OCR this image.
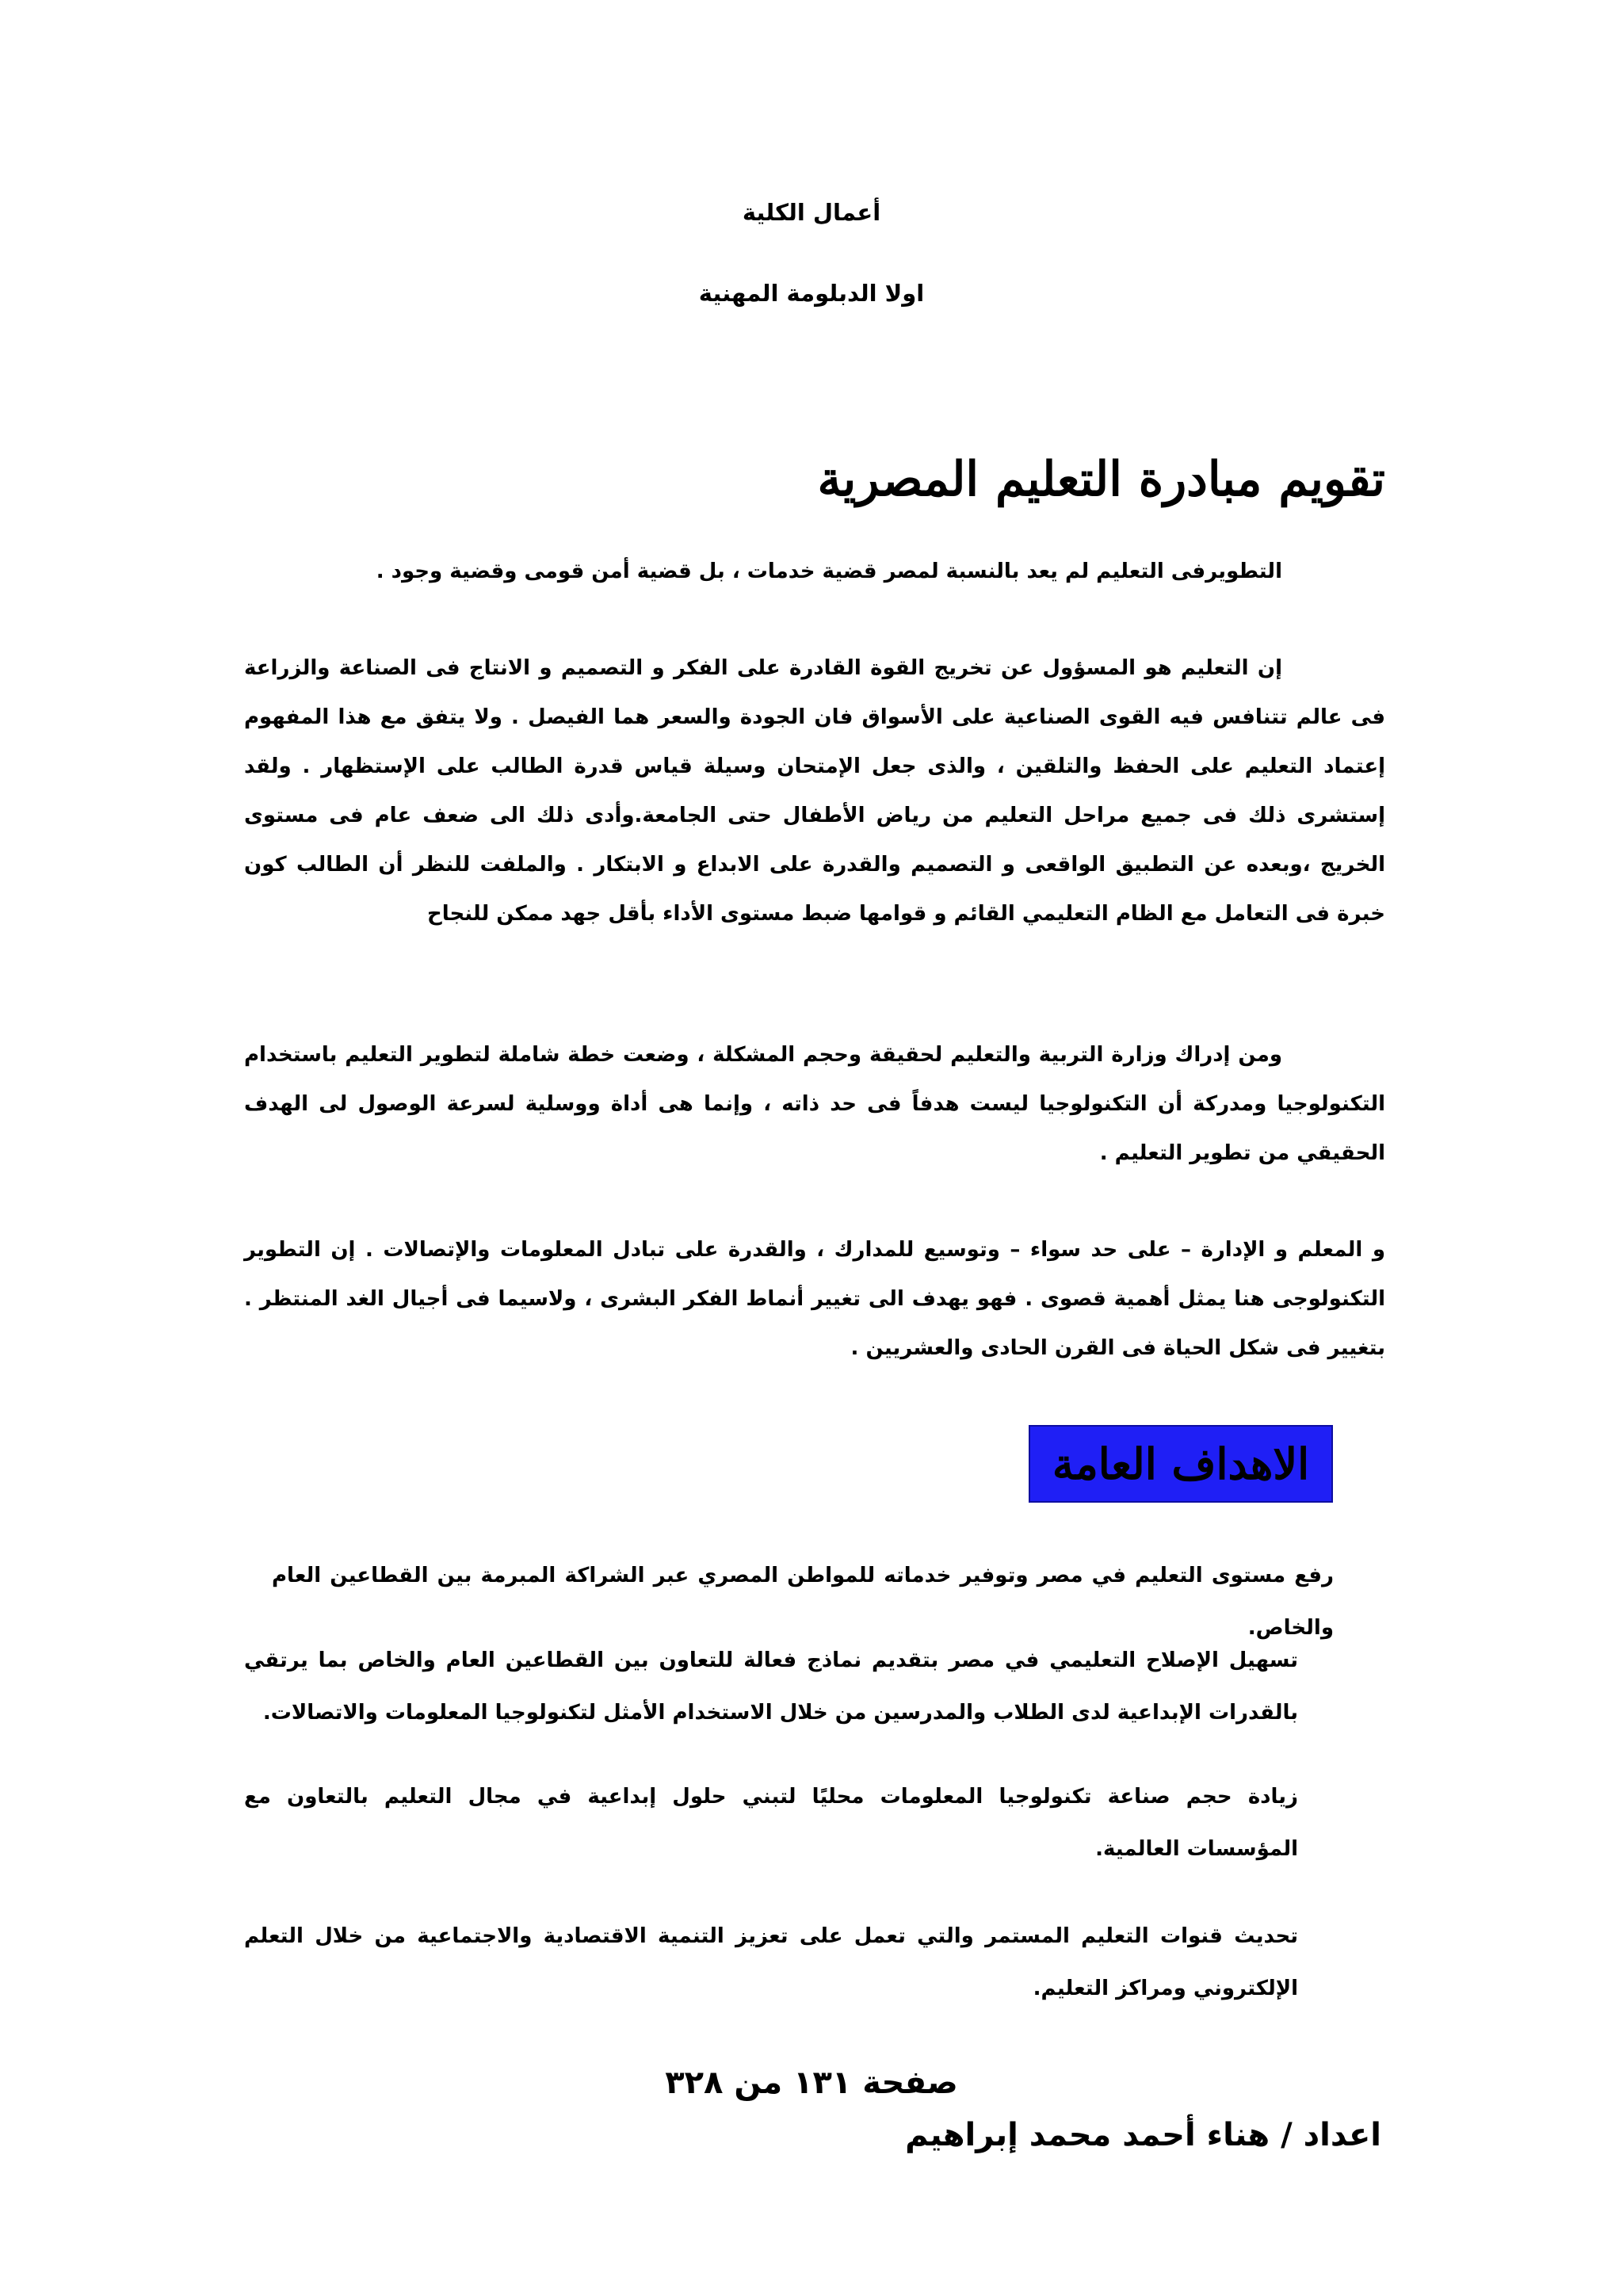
أعمال الكلية
اولا الدبلومة المهنية
تقويم مبادرة التعليم المصرية

التطويرفى التعليم لم يعد بالنسبة لمصر قضية خدمات ، بل قضية أمن قومى وقضية وجود .

إن التعليم هو المسؤول عن تخريج القوة القادرة على الفكر و التصميم و الانتاج فى الصناعة والزراعة فى عالم تتنافس فيه القوى الصناعية على الأسواق فان الجودة والسعر هما الفيصل . ولا يتفق مع هذا المفهوم إعتماد التعليم على الحفظ والتلقين ، والذى جعل الإمتحان وسيلة قياس قدرة الطالب على الإستظهار . ولقد إستشرى ذلك فى جميع مراحل التعليم من رياض الأطفال حتى الجامعة.وأدى ذلك الى ضعف عام فى مستوى الخريج ،وبعده عن التطبيق الواقعى و التصميم والقدرة على الابداع و الابتكار . والملفت للنظر أن الطالب كون خبرة فى التعامل مع الظام التعليمي القائم و قوامها ضبط مستوى الأداء بأقل جهد ممكن للنجاح

ومن إدراك وزارة التربية والتعليم لحقيقة وحجم المشكلة ، وضعت خطة شاملة لتطوير التعليم باستخدام التكنولوجيا ومدركة أن التكنولوجيا ليست هدفاً فى حد ذاته ، وإنما هى أداة ووسلية لسرعة الوصول لى الهدف الحقيقي من تطوير التعليم .

و المعلم و الإدارة – على حد سواء – وتوسيع للمدارك ، والقدرة على تبادل المعلومات والإتصالات . إن التطوير التكنولوجى هنا يمثل أهمية قصوى . فهو يهدف الى تغيير أنماط الفكر البشرى ، ولاسيما فى أجيال الغد المنتظر . بتغيير فى شكل الحياة فى القرن الحادى والعشريين .

الاهداف العامة

رفع مستوى التعليم في مصر وتوفير خدماته للمواطن المصري عبر الشراكة المبرمة بين القطاعين العام والخاص.

تسهيل الإصلاح التعليمي في مصر بتقديم نماذج فعالة للتعاون بين القطاعين العام والخاص بما يرتقي بالقدرات الإبداعية لدى الطلاب والمدرسين من خلال الاستخدام الأمثل لتكنولوجيا المعلومات والاتصالات.

زيادة حجم صناعة تكنولوجيا المعلومات محليًا لتبني حلول إبداعية في مجال التعليم بالتعاون مع المؤسسات العالمية.

تحديث قنوات التعليم المستمر والتي تعمل على تعزيز التنمية الاقتصادية والاجتماعية من خلال التعلم الإلكتروني ومراكز التعليم.

صفحة ١٣١ من ٣٢٨
اعداد / هناء أحمد محمد إبراهيم
